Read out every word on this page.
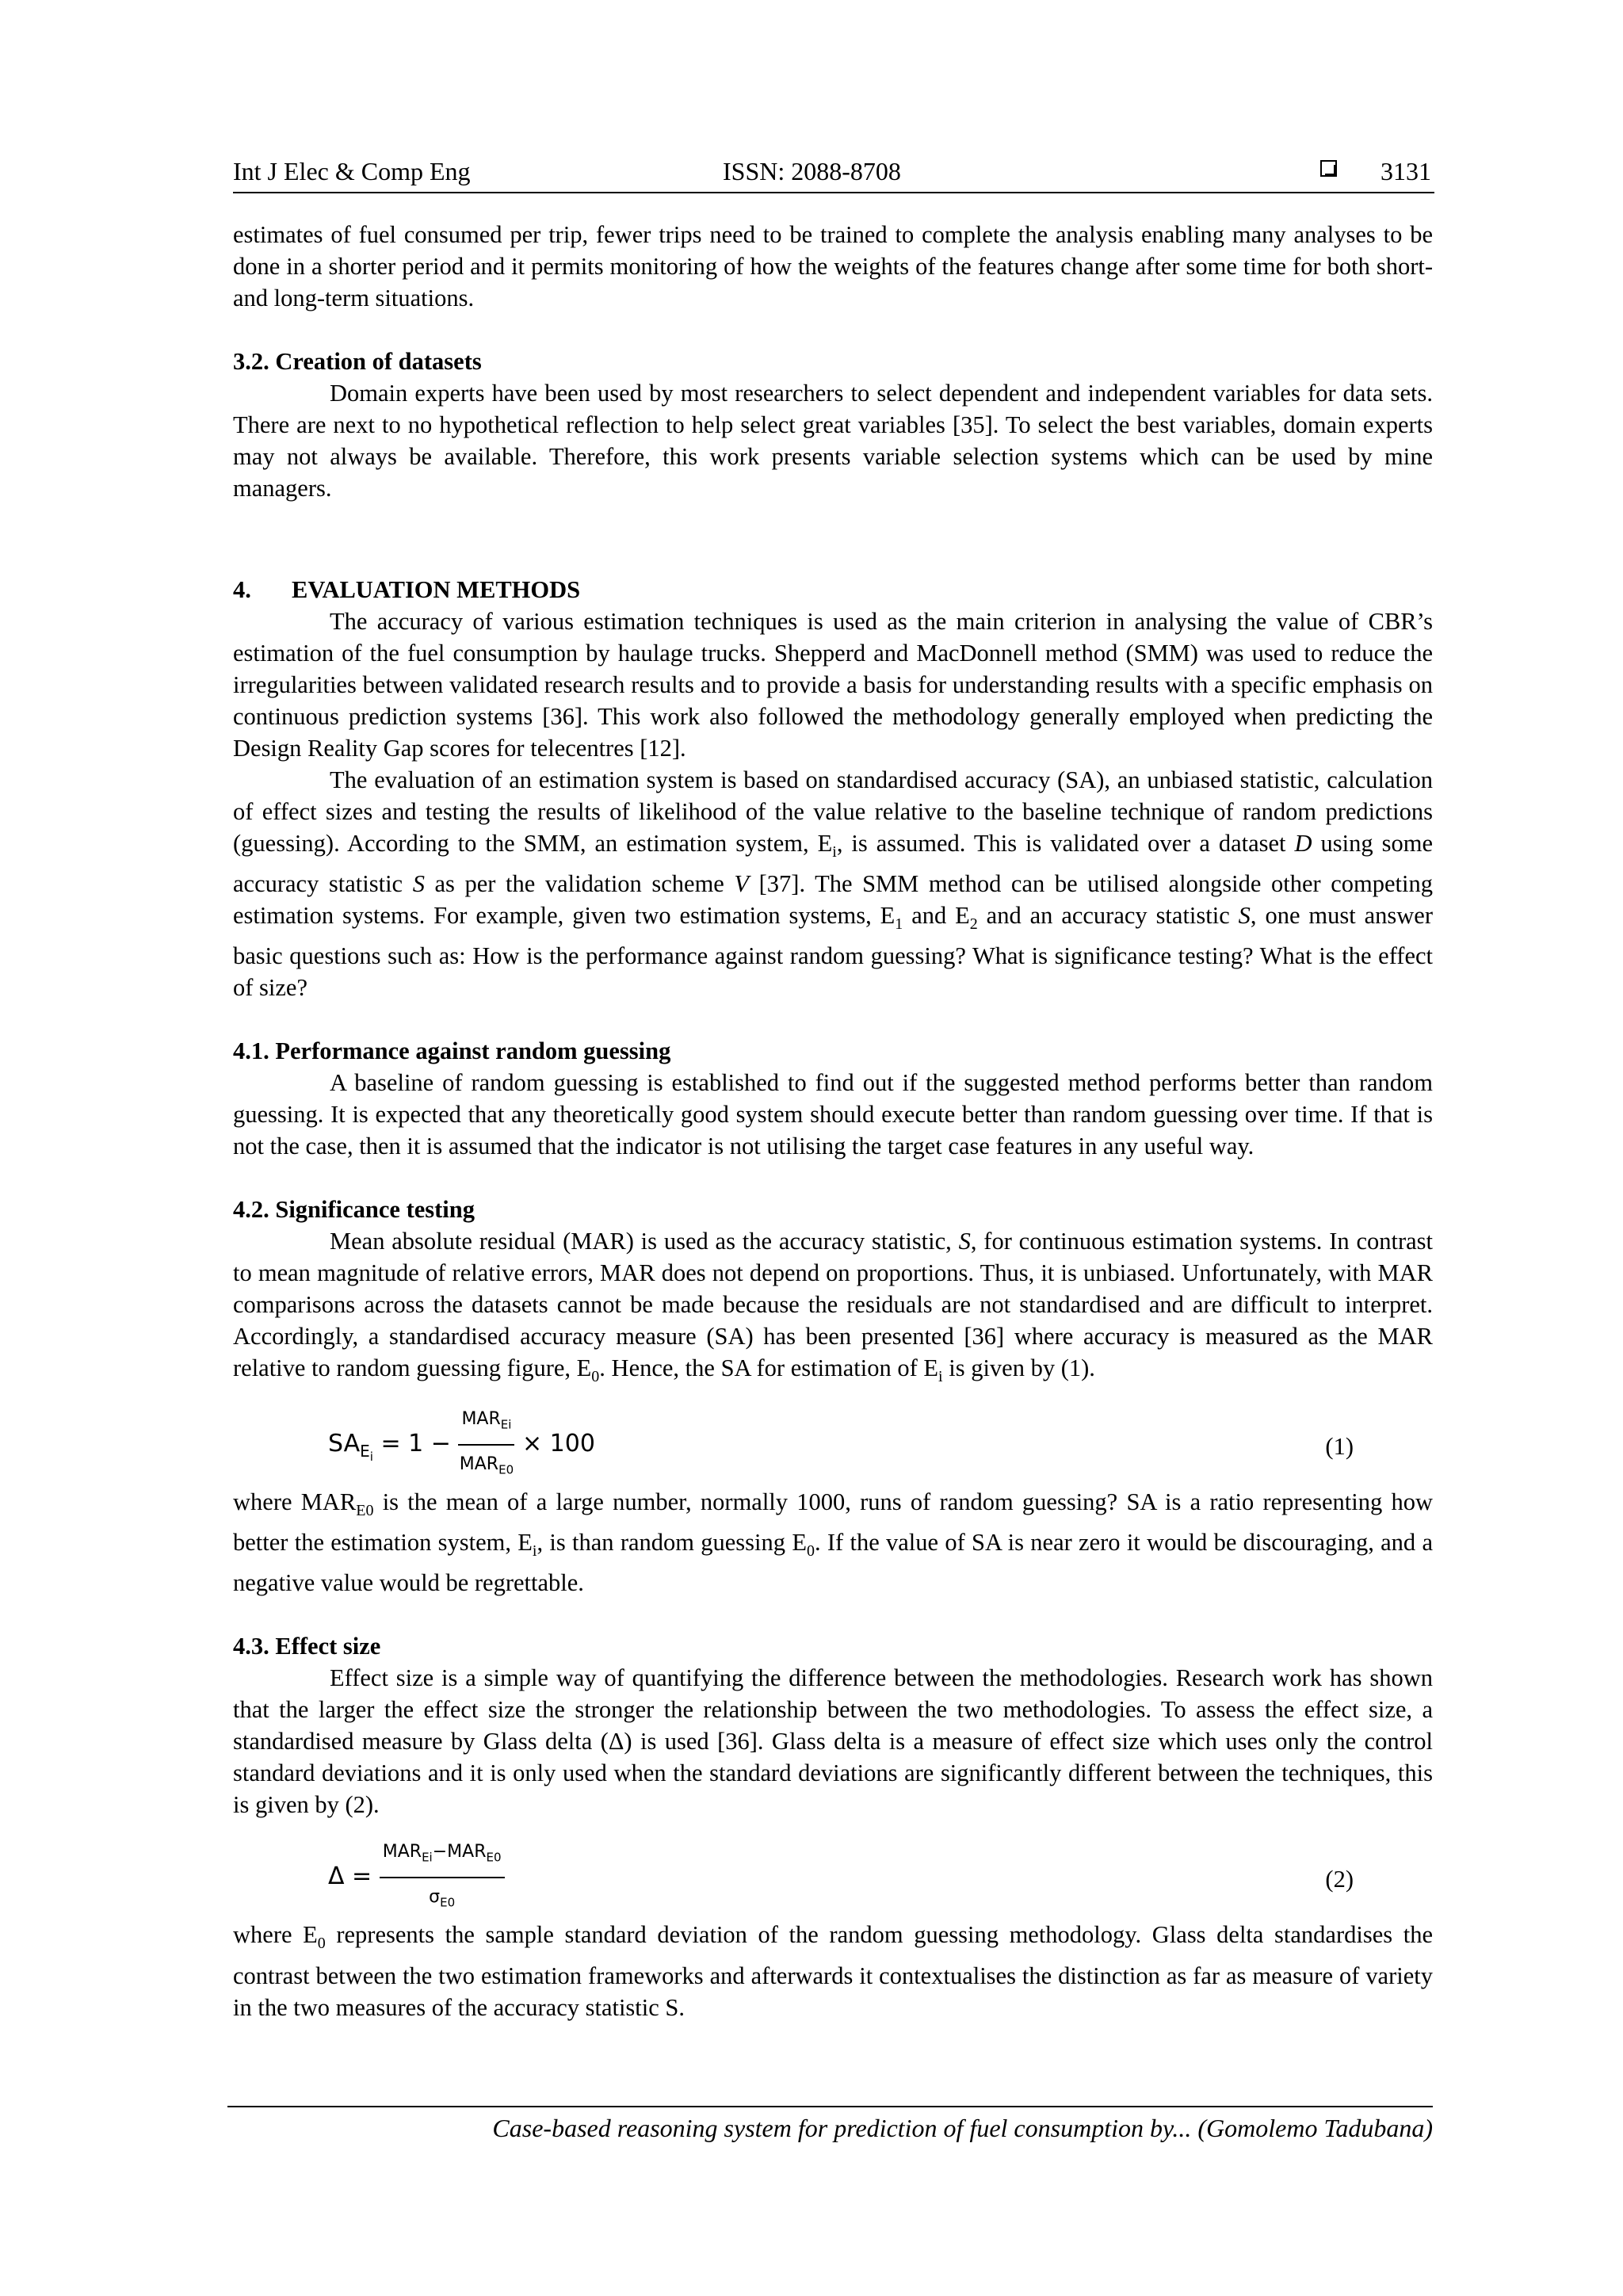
Int J Elec & Comp Eng	ISSN: 2088-8708	3131

estimates of fuel consumed per trip, fewer trips need to be trained to complete the analysis enabling many analyses to be done in a shorter period and it permits monitoring of how the weights of the features change after some time for both short- and long-term situations.

3.2. Creation of datasets

Domain experts have been used by most researchers to select dependent and independent variables for data sets. There are next to no hypothetical reflection to help select great variables [35]. To select the best variables, domain experts may not always be available. Therefore, this work presents variable selection systems which can be used by mine managers.

4. EVALUATION METHODS

The accuracy of various estimation techniques is used as the main criterion in analysing the value of CBR’s estimation of the fuel consumption by haulage trucks. Shepperd and MacDonnell method (SMM) was used to reduce the irregularities between validated research results and to provide a basis for understanding results with a specific emphasis on continuous prediction systems [36]. This work also followed the methodology generally employed when predicting the Design Reality Gap scores for telecentres [12].

The evaluation of an estimation system is based on standardised accuracy (SA), an unbiased statistic, calculation of effect sizes and testing the results of likelihood of the value relative to the baseline technique of random predictions (guessing). According to the SMM, an estimation system, $E_i$, is assumed. This is validated over a dataset D using some accuracy statistic S as per the validation scheme V [37]. The SMM method can be utilised alongside other competing estimation systems. For example, given two estimation systems, $E_1$ and $E_2$ and an accuracy statistic S, one must answer basic questions such as: How is the performance against random guessing? What is significance testing? What is the effect of size?

4.1. Performance against random guessing

A baseline of random guessing is established to find out if the suggested method performs better than random guessing. It is expected that any theoretically good system should execute better than random guessing over time. If that is not the case, then it is assumed that the indicator is not utilising the target case features in any useful way.

4.2. Significance testing

Mean absolute residual (MAR) is used as the accuracy statistic, S, for continuous estimation systems. In contrast to mean magnitude of relative errors, MAR does not depend on proportions. Thus, it is unbiased. Unfortunately, with MAR comparisons across the datasets cannot be made because the residuals are not standardised and are difficult to interpret. Accordingly, a standardised accuracy measure (SA) has been presented [36] where accuracy is measured as the MAR relative to random guessing figure, $E_0$. Hence, the SA for estimation of $E_i$ is given by (1).

$SA_{E_i} = 1 - \frac{MAR_{Ei}}{MAR_{E0}} \times 100$	(1)

where $MAR_{E0}$ is the mean of a large number, normally 1000, runs of random guessing? SA is a ratio representing how better the estimation system, $E_i$, is than random guessing $E_0$. If the value of SA is near zero it would be discouraging, and a negative value would be regrettable.

4.3. Effect size

Effect size is a simple way of quantifying the difference between the methodologies. Research work has shown that the larger the effect size the stronger the relationship between the two methodologies. To assess the effect size, a standardised measure by Glass delta (Δ) is used [36]. Glass delta is a measure of effect size which uses only the control standard deviations and it is only used when the standard deviations are significantly different between the techniques, this is given by (2).

$\Delta = \frac{MAR_{Ei}-MAR_{E0}}{\sigma_{E0}}$	(2)

where $E_0$ represents the sample standard deviation of the random guessing methodology. Glass delta standardises the contrast between the two estimation frameworks and afterwards it contextualises the distinction as far as measure of variety in the two measures of the accuracy statistic S.

Case-based reasoning system for prediction of fuel consumption by... (Gomolemo Tadubana)
